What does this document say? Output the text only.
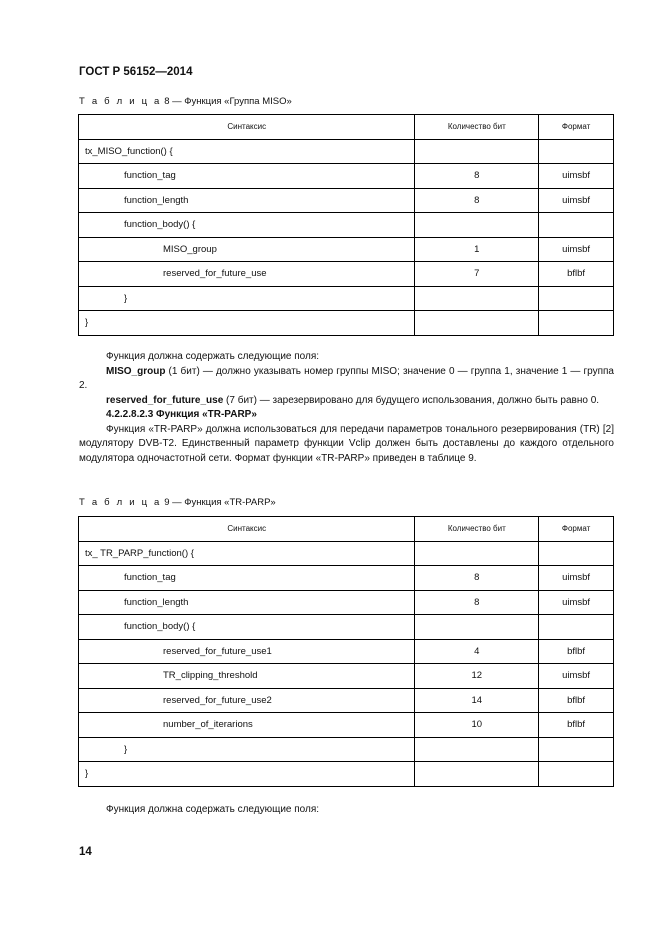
ГОСТ Р 56152—2014
Т а б л и ц а 8 — Функция «Группа MISO»
Синтаксис	Количество бит	Формат
tx_MISO_function() {		
function_tag	8	uimsbf
function_length	8	uimsbf
function_body() {		
MISO_group	1	uimsbf
reserved_for_future_use	7	bflbf
}		
}		

Функция должна содержать следующие поля:

MISO_group (1 бит) — должно указывать номер группы MISO; значение 0 — группа 1, значение 1 — группа 2.

reserved_for_future_use (7 бит) — зарезервировано для будущего использования, должно быть равно 0.

4.2.2.8.2.3 Функция «TR-PARP»

Функция «TR-PARP» должна использоваться для передачи параметров тонального резервирования (TR) [2] модулятору DVB-T2. Единственный параметр функции Vclip должен быть доставлены до каждого отдельного модулятора одночастотной сети. Формат функции «TR-PARP» приведен в таблице 9.

Т а б л и ц а 9 — Функция «TR-PARP»
Синтаксис	Количество бит	Формат
tx_ TR_PARP_function() {		
function_tag	8	uimsbf
function_length	8	uimsbf
function_body() {		
reserved_for_future_use1	4	bflbf
TR_clipping_threshold	12	uimsbf
reserved_for_future_use2	14	bflbf
number_of_iterarions	10	bflbf
}		
}		

Функция должна содержать следующие поля:

14
